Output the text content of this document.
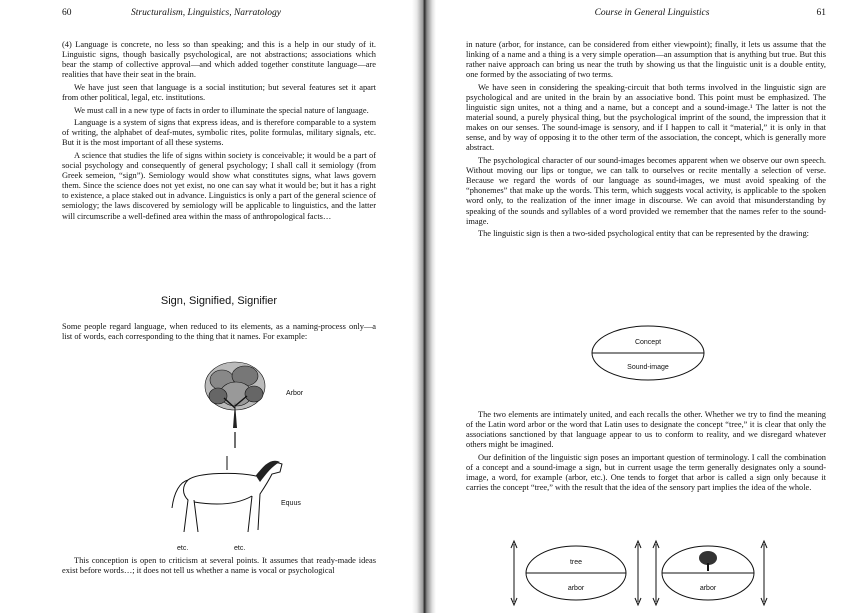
60	Structuralism, Linguistics, Narratology

(4) Language is concrete, no less so than speaking; and this is a help in our study of it. Linguistic signs, though basically psychological, are not abstractions; associations which bear the stamp of collective approval—and which added together constitute language—are realities that have their seat in the brain.

We have just seen that language is a social institution; but several features set it apart from other political, legal, etc. institutions.

We must call in a new type of facts in order to illuminate the special nature of language.

Language is a system of signs that express ideas, and is therefore comparable to a system of writing, the alphabet of deaf-mutes, symbolic rites, polite formulas, military signals, etc. But it is the most important of all these systems.

A science that studies the life of signs within society is conceivable; it would be a part of social psychology and consequently of general psychology; I shall call it semiology (from Greek semeion, “sign”). Semiology would show what constitutes signs, what laws govern them. Since the science does not yet exist, no one can say what it would be; but it has a right to existence, a place staked out in advance. Linguistics is only a part of the general science of semiology; the laws discovered by semiology will be applicable to linguistics, and the latter will circumscribe a well-defined area within the mass of anthropological facts…

Sign, Signified, Signifier

Some people regard language, when reduced to its elements, as a naming-process only—a list of words, each corresponding to the thing that it names. For example:

Arbor
Equus
etc.	etc.

This conception is open to criticism at several points. It assumes that ready-made ideas exist before words…; it does not tell us whether a name is vocal or psychological

Course in General Linguistics	61

in nature (arbor, for instance, can be considered from either viewpoint); finally, it lets us assume that the linking of a name and a thing is a very simple operation—an assumption that is anything but true. But this rather naive approach can bring us near the truth by showing us that the linguistic unit is a double entity, one formed by the associating of two terms.

We have seen in considering the speaking-circuit that both terms involved in the linguistic sign are psychological and are united in the brain by an associative bond. This point must be emphasized. The linguistic sign unites, not a thing and a name, but a concept and a sound-image.¹ The latter is not the material sound, a purely physical thing, but the psychological imprint of the sound, the impression that it makes on our senses. The sound-image is sensory, and if I happen to call it “material,” it is only in that sense, and by way of opposing it to the other term of the association, the concept, which is generally more abstract.

The psychological character of our sound-images becomes apparent when we observe our own speech. Without moving our lips or tongue, we can talk to ourselves or recite mentally a selection of verse. Because we regard the words of our language as sound-images, we must avoid speaking of the “phonemes” that make up the words. This term, which suggests vocal activity, is applicable to the spoken word only, to the realization of the inner image in discourse. We can avoid that misunderstanding by speaking of the sounds and syllables of a word provided we remember that the names refer to the sound-image.

The linguistic sign is then a two-sided psychological entity that can be represented by the drawing:

Concept
Sound-image

The two elements are intimately united, and each recalls the other. Whether we try to find the meaning of the Latin word arbor or the word that Latin uses to designate the concept “tree,” it is clear that only the associations sanctioned by that language appear to us to conform to reality, and we disregard whatever others might be imagined.

Our definition of the linguistic sign poses an important question of terminology. I call the combination of a concept and a sound-image a sign, but in current usage the term generally designates only a sound-image, a word, for example (arbor, etc.). One tends to forget that arbor is called a sign only because it carries the concept “tree,” with the result that the idea of the sensory part implies the idea of the whole.

tree
arbor	arbor
